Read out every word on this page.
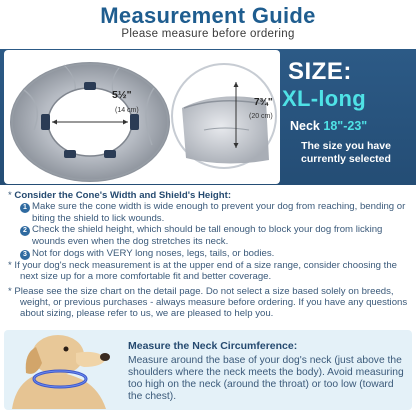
Measurement Guide
Please measure before ordering
5½"
(14 cm)
7¾"
(20 cm)
SIZE:
XL-long
Neck 18"-23"
The size you have currently selected

* Consider the Cone's Width and Shield's Height:

1 Make sure the cone width is wide enough to prevent your dog from reaching, bending or biting the shield to lick wounds.

2 Check the shield height, which should be tall enough to block your dog from licking wounds even when the dog stretches its neck.

3 Not for dogs with VERY long noses, legs, tails, or bodies.

* If your dog's neck measurement is at the upper end of a size range, consider choosing the next size up for a more comfortable fit and better coverage.

* Please see the size chart on the detail page. Do not select a size based solely on breeds, weight, or previous purchases - always measure before ordering. If you have any questions about sizing, please refer to us, we are pleased to help you.

Measure the Neck Circumference:
Measure around the base of your dog's neck (just above the shoulders where the neck meets the body). Avoid measuring too high on the neck (around the throat) or too low (toward the chest).
